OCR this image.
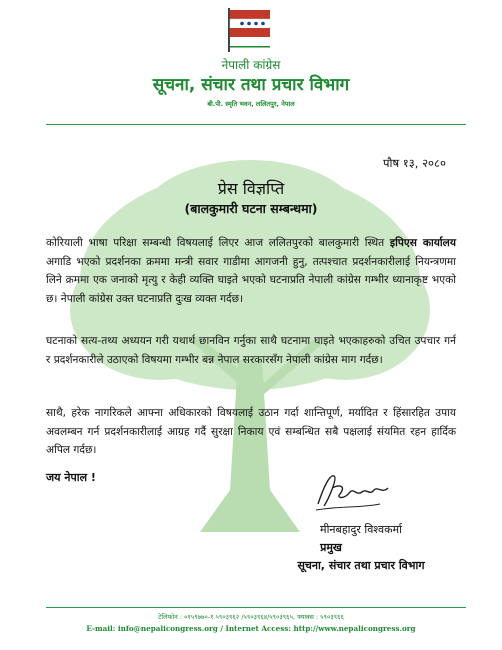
नेपाली कांग्रेस
सूचना, संचार तथा प्रचार विभाग
बी.पी. स्मृति भवन, ललितपुर, नेपाल
पौष १३, २०८०
प्रेस विज्ञप्ति
(बालकुमारी घटना सम्बन्धमा)
कोरियाली भाषा परिक्षा सम्बन्धी विषयलाई लिएर आज ललितपुरको बालकुमारी स्थित इपिएस कार्यालय अगाडि भएको प्रदर्शनका क्रममा मन्त्री सवार गाडीमा आगजनी हुनु, तत्पश्चात प्रदर्शनकारीलाई नियन्त्रणमा लिने क्रममा एक जनाको मृत्यु र केही व्यक्ति घाइते भएको घटनाप्रति नेपाली कांग्रेस गम्भीर ध्यानाकृष्ट भएको छ। नेपाली कांग्रेस उक्त घटनाप्रति दुःख व्यक्त गर्दछ।
घटनाको सत्य-तथ्य अध्ययन गरी यथार्थ छानविन गर्नुका साथै घटनामा घाइते भएकाहरुको उचित उपचार गर्न र प्रदर्शनकारीले उठाएको विषयमा गम्भीर बन्न नेपाल सरकारसँग नेपाली कांग्रेस माग गर्दछ।
साथै, हरेक नागरिकले आफ्ना अधिकारको विषयलाई उठान गर्दा शान्तिपूर्ण, मर्यादित र हिंसारहित उपाय अवलम्बन गर्न प्रदर्शनकारीलाई आग्रह गर्दै सुरक्षा निकाय एवं सम्बन्धित सबै पक्षलाई संयमित रहन हार्दिक अपिल गर्दछ।
जय नेपाल !
मीनबहादुर विश्वकर्मा
प्रमुख
सूचना, संचार तथा प्रचार विभाग
टेलिफोन : ०१५९७७०-१ ५९०३९६२ /५९०३९६४/५९०३९६५, फ्याक्स : ५९०३९६६
E-mail: info@nepalicongress.org / Internet Access: http://www.nepalicongress.org
